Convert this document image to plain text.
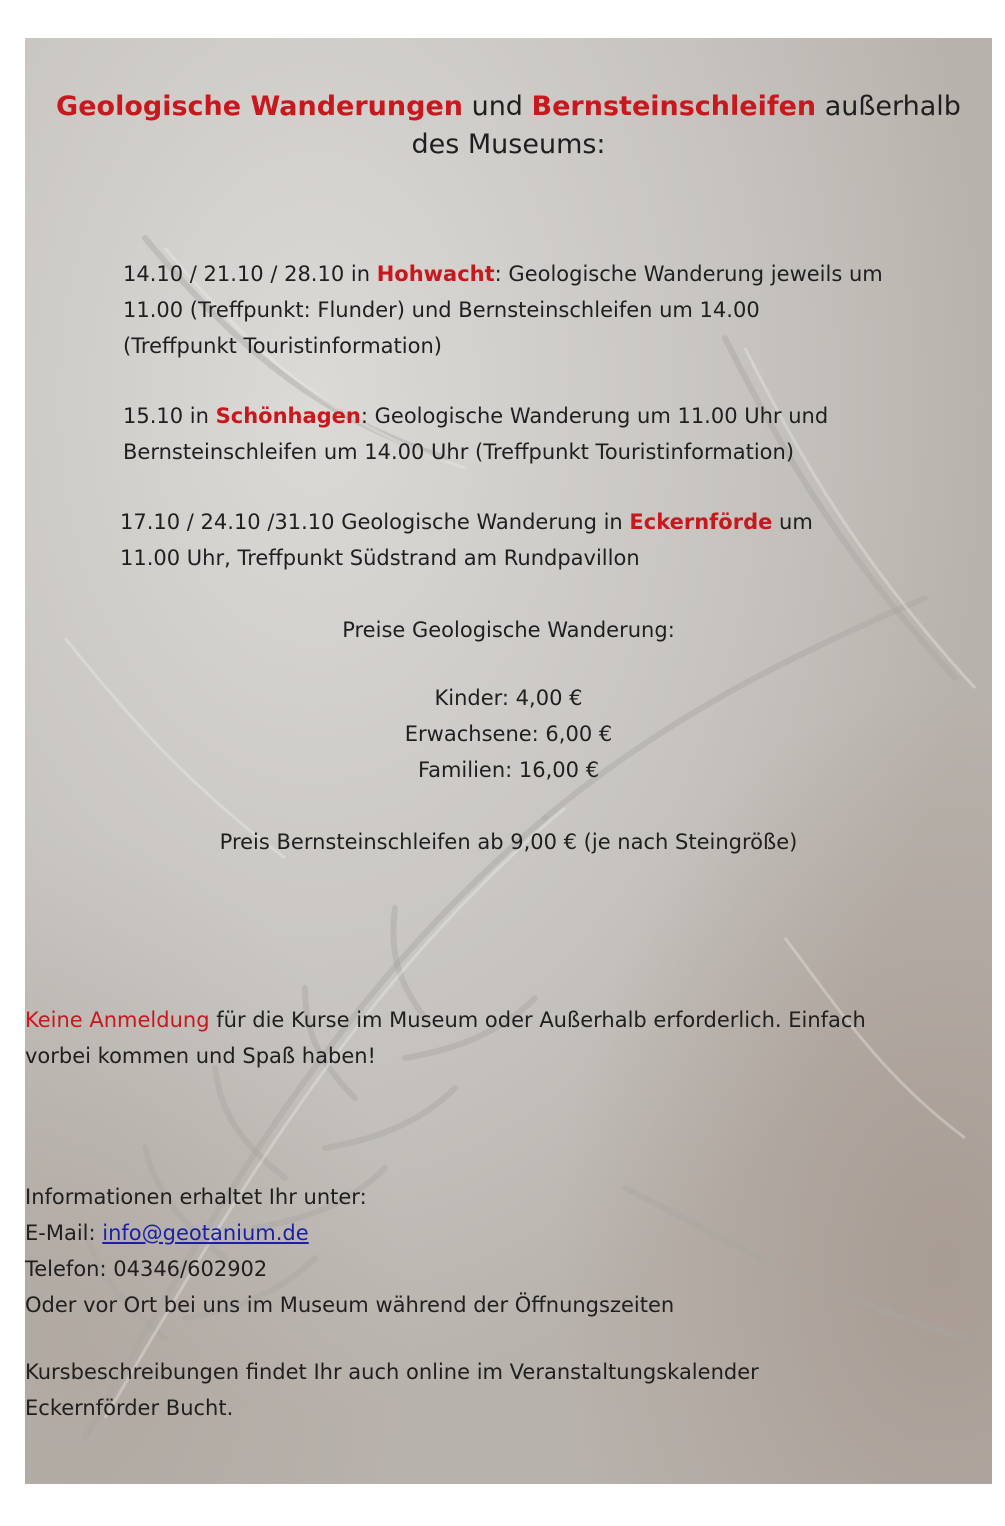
Geologische Wanderungen und Bernsteinschleifen außerhalb
des Museums:
14.10 / 21.10 / 28.10 in Hohwacht: Geologische Wanderung jeweils um
11.00 (Treffpunkt: Flunder) und Bernsteinschleifen um 14.00
(Treffpunkt Touristinformation)
15.10 in Schönhagen: Geologische Wanderung um 11.00 Uhr und
Bernsteinschleifen um 14.00 Uhr (Treffpunkt Touristinformation)
17.10 / 24.10 /31.10 Geologische Wanderung in Eckernförde um
11.00 Uhr, Treffpunkt Südstrand am Rundpavillon
Preise Geologische Wanderung:
Kinder: 4,00 €
Erwachsene: 6,00 €
Familien: 16,00 €
Preis Bernsteinschleifen ab 9,00 € (je nach Steingröße)
Keine Anmeldung für die Kurse im Museum oder Außerhalb erforderlich. Einfach
vorbei kommen und Spaß haben!
Informationen erhaltet Ihr unter:
E-Mail: info@geotanium.de
Telefon: 04346/602902
Oder vor Ort bei uns im Museum während der Öffnungszeiten
Kursbeschreibungen findet Ihr auch online im Veranstaltungskalender
Eckernförder Bucht.
